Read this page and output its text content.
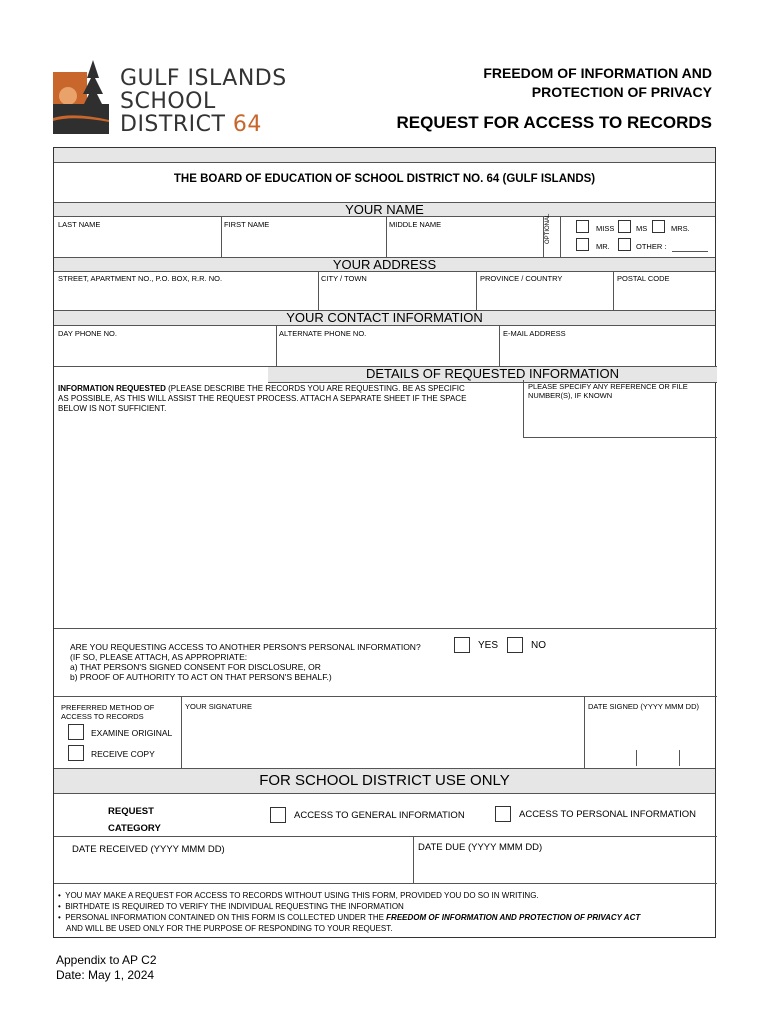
GULF ISLANDS
SCHOOL
DISTRICT 64
FREEDOM OF INFORMATION AND
PROTECTION OF PRIVACY
REQUEST FOR ACCESS TO RECORDS
THE BOARD OF EDUCATION OF SCHOOL DISTRICT NO. 64 (GULF ISLANDS)
YOUR NAME
LAST NAME	FIRST NAME	MIDDLE NAME	OPTIONAL	MISS	MS	MRS.
MR.	OTHER :
YOUR ADDRESS
STREET, APARTMENT NO., P.O. BOX, R.R. NO.	CITY / TOWN	PROVINCE / COUNTRY	POSTAL CODE
YOUR CONTACT INFORMATION
DAY PHONE NO.	ALTERNATE PHONE NO.	E-MAIL ADDRESS
DETAILS OF REQUESTED INFORMATION
INFORMATION REQUESTED (PLEASE DESCRIBE THE RECORDS YOU ARE REQUESTING. BE AS SPECIFIC
AS POSSIBLE, AS THIS WILL ASSIST THE REQUEST PROCESS. ATTACH A SEPARATE SHEET IF THE SPACE
BELOW IS NOT SUFFICIENT.
PLEASE SPECIFY ANY REFERENCE OR FILE
NUMBER(S), IF KNOWN
ARE YOU REQUESTING ACCESS TO ANOTHER PERSON'S PERSONAL INFORMATION?
(IF SO, PLEASE ATTACH, AS APPROPRIATE:
a) THAT PERSON'S SIGNED CONSENT FOR DISCLOSURE, OR
b) PROOF OF AUTHORITY TO ACT ON THAT PERSON'S BEHALF.)
YES	NO
PREFERRED METHOD OF
ACCESS TO RECORDS
EXAMINE ORIGINAL
RECEIVE COPY
YOUR SIGNATURE	DATE SIGNED (YYYY MMM DD)
FOR SCHOOL DISTRICT USE ONLY
REQUEST
CATEGORY
ACCESS TO GENERAL INFORMATION	ACCESS TO PERSONAL INFORMATION
DATE RECEIVED (YYYY MMM DD)	DATE DUE (YYYY MMM DD)
•  YOU MAY MAKE A REQUEST FOR ACCESS TO RECORDS WITHOUT USING THIS FORM, PROVIDED YOU DO SO IN WRITING.
•  BIRTHDATE IS REQUIRED TO VERIFY THE INDIVIDUAL REQUESTING THE INFORMATION
•  PERSONAL INFORMATION CONTAINED ON THIS FORM IS COLLECTED UNDER THE FREEDOM OF INFORMATION AND PROTECTION OF PRIVACY ACT
AND WILL BE USED ONLY FOR THE PURPOSE OF RESPONDING TO YOUR REQUEST.
Appendix to AP C2
Date: May 1, 2024
